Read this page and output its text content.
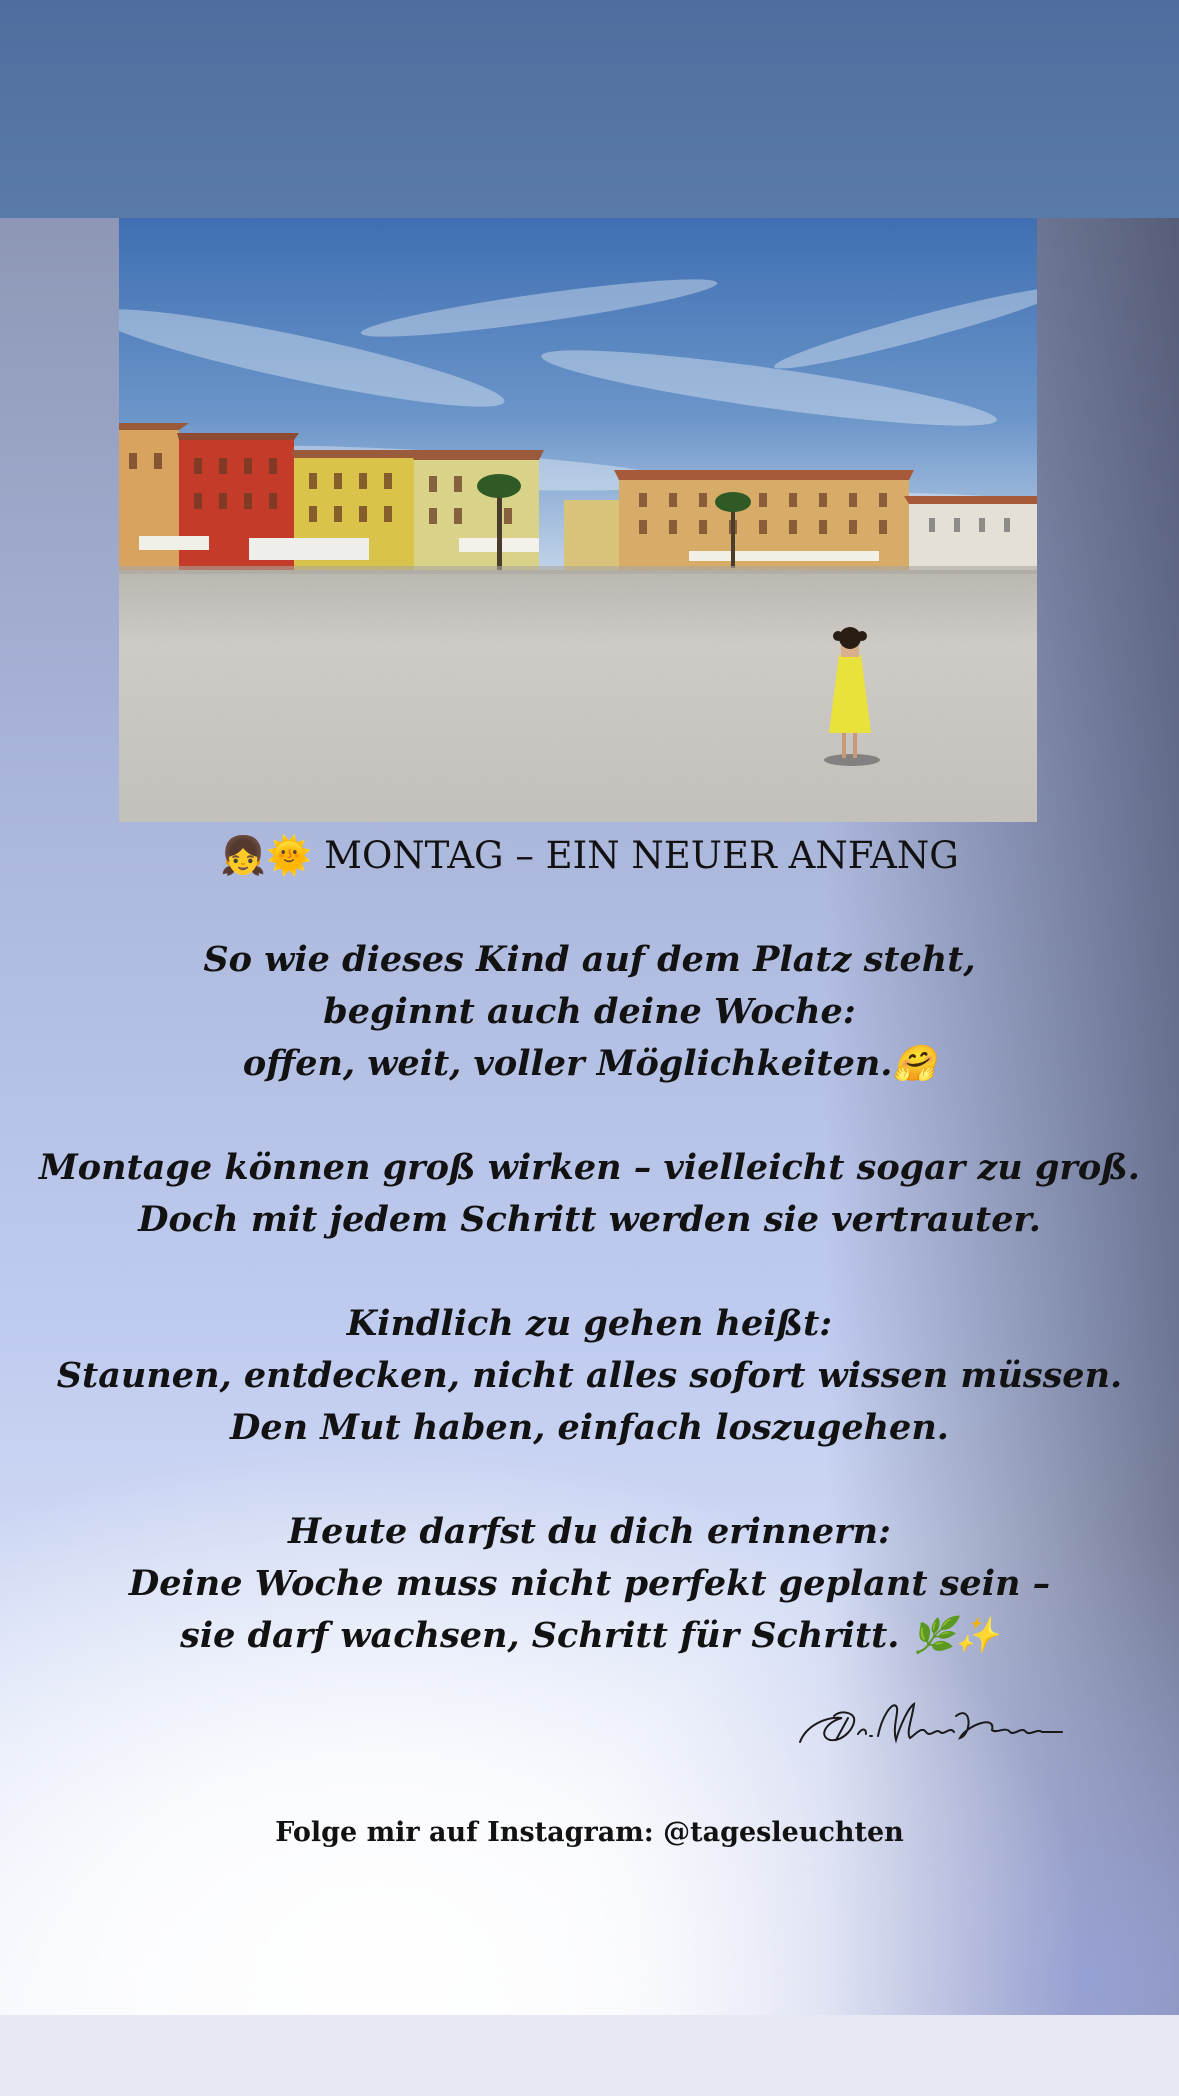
👧🌞 MONTAG – EIN NEUER ANFANG
So wie dieses Kind auf dem Platz steht,
beginnt auch deine Woche:
offen, weit, voller Möglichkeiten.🤗
Montage können groß wirken – vielleicht sogar zu groß.
Doch mit jedem Schritt werden sie vertrauter.
Kindlich zu gehen heißt:
Staunen, entdecken, nicht alles sofort wissen müssen.
Den Mut haben, einfach loszugehen.
Heute darfst du dich erinnern:
Deine Woche muss nicht perfekt geplant sein –
sie darf wachsen, Schritt für Schritt. 🌿✨
Folge mir auf Instagram: @tagesleuchten
